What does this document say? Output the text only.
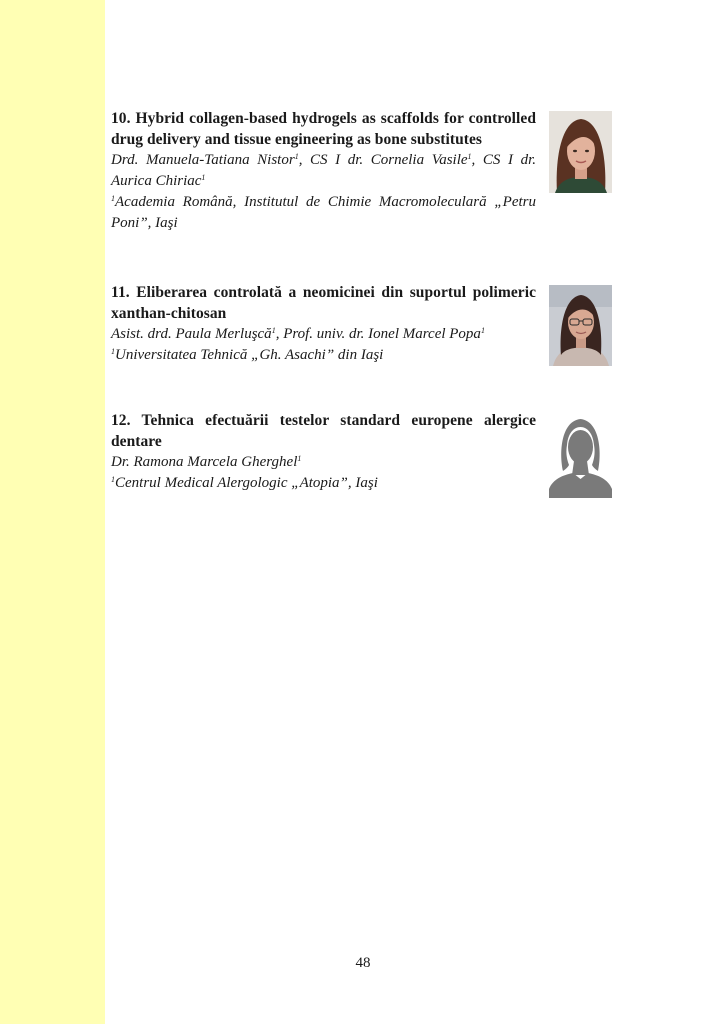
10. Hybrid collagen-based hydrogels as scaffolds for controlled drug delivery and tissue engineering as bone substitutes
Drd. Manuela-Tatiana Nistor$^1$, CS I dr. Cornelia Vasile$^1$, CS I dr. Aurica Chiriac$^1$
$^1$Academia Română, Institutul de Chimie Macromoleculară „Petru Poni”, Iaşi
11. Eliberarea controlată a neomicinei din suportul polimeric xanthan-chitosan
Asist. drd. Paula Merluşcă$^1$, Prof. univ. dr. Ionel Marcel Popa$^1$
$^1$Universitatea Tehnică „Gh. Asachi” din Iaşi
12. Tehnica efectuării testelor standard europene alergice dentare
Dr. Ramona Marcela Gherghel$^1$
$^1$Centrul Medical Alergologic „Atopia”, Iaşi
48
